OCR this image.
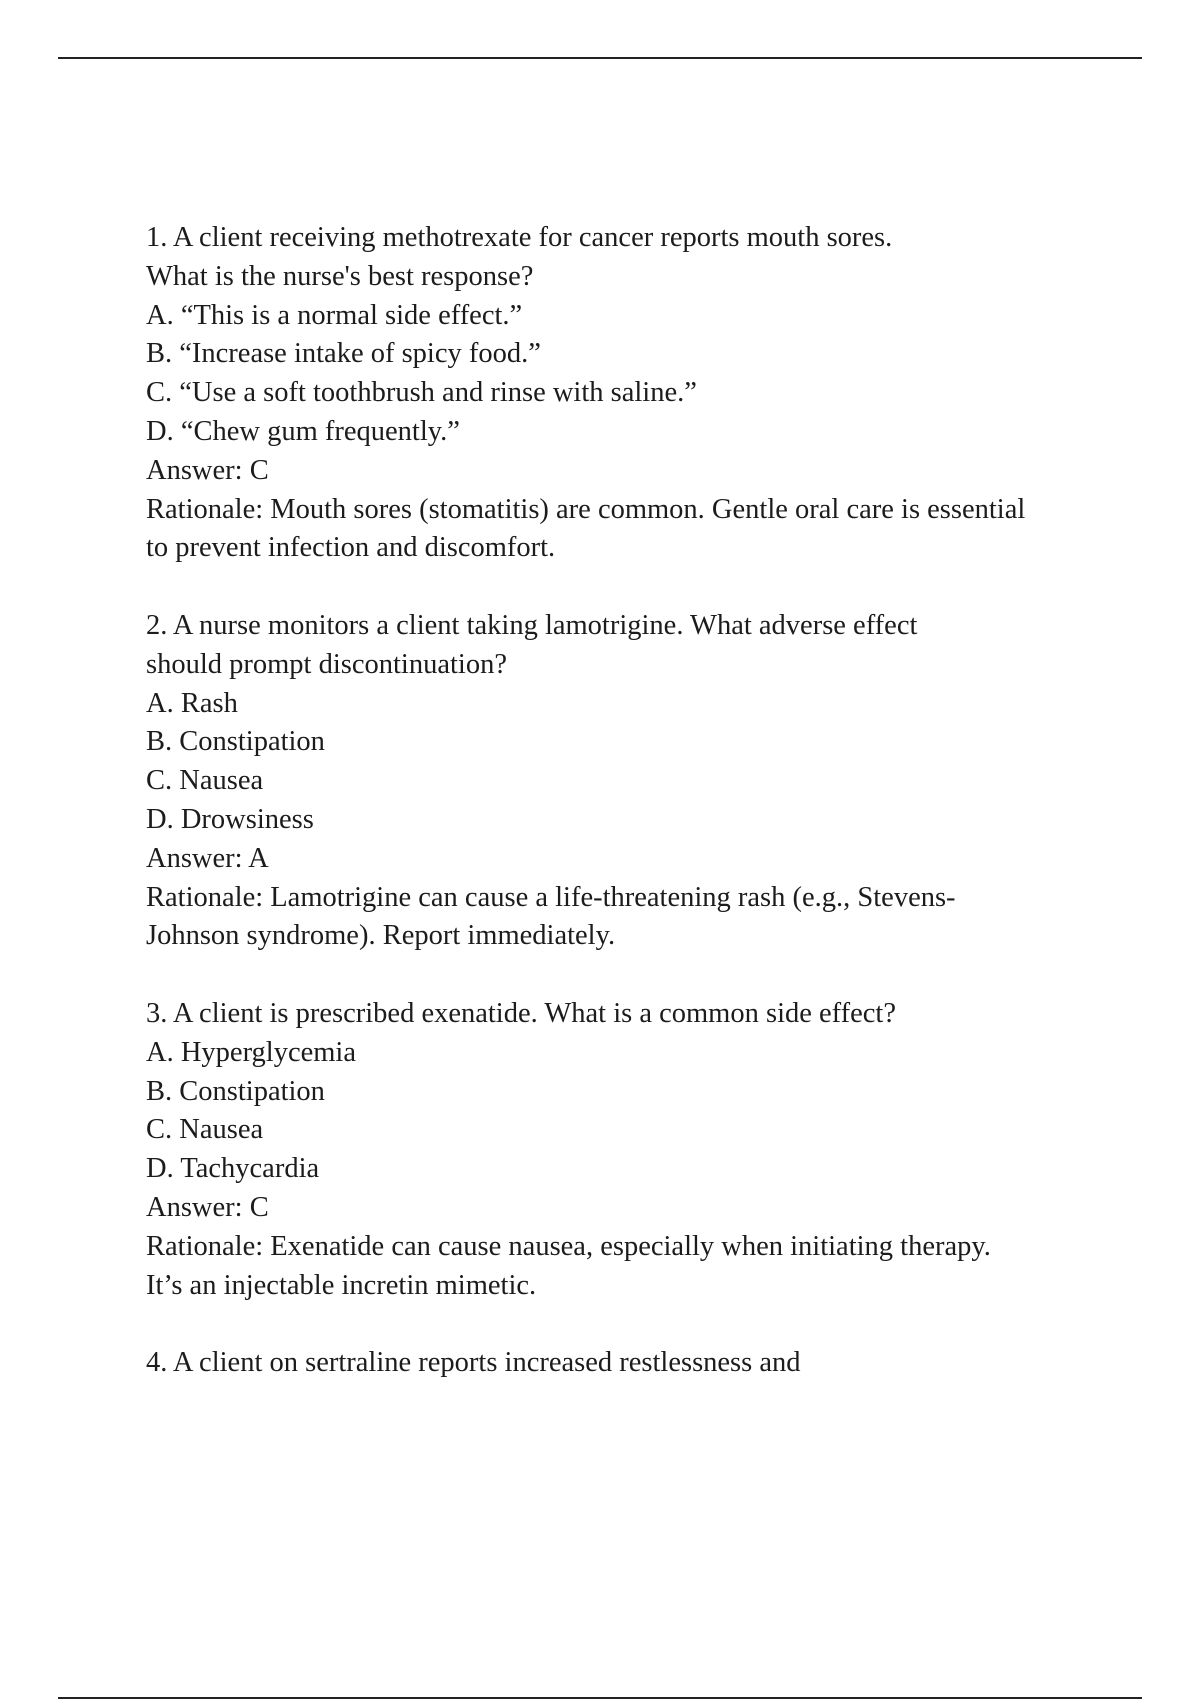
1. A client receiving methotrexate for cancer reports mouth sores. What is the nurse's best response?
A. “This is a normal side effect.”
B. “Increase intake of spicy food.”
C. “Use a soft toothbrush and rinse with saline.”
D. “Chew gum frequently.”
Answer: C
Rationale: Mouth sores (stomatitis) are common. Gentle oral care is essential to prevent infection and discomfort.
2. A nurse monitors a client taking lamotrigine. What adverse effect should prompt discontinuation?
A. Rash
B. Constipation
C. Nausea
D. Drowsiness
Answer: A
Rationale: Lamotrigine can cause a life-threatening rash (e.g., Stevens-Johnson syndrome). Report immediately.
3. A client is prescribed exenatide. What is a common side effect?
A. Hyperglycemia
B. Constipation
C. Nausea
D. Tachycardia
Answer: C
Rationale: Exenatide can cause nausea, especially when initiating therapy. It’s an injectable incretin mimetic.
4. A client on sertraline reports increased restlessness and
